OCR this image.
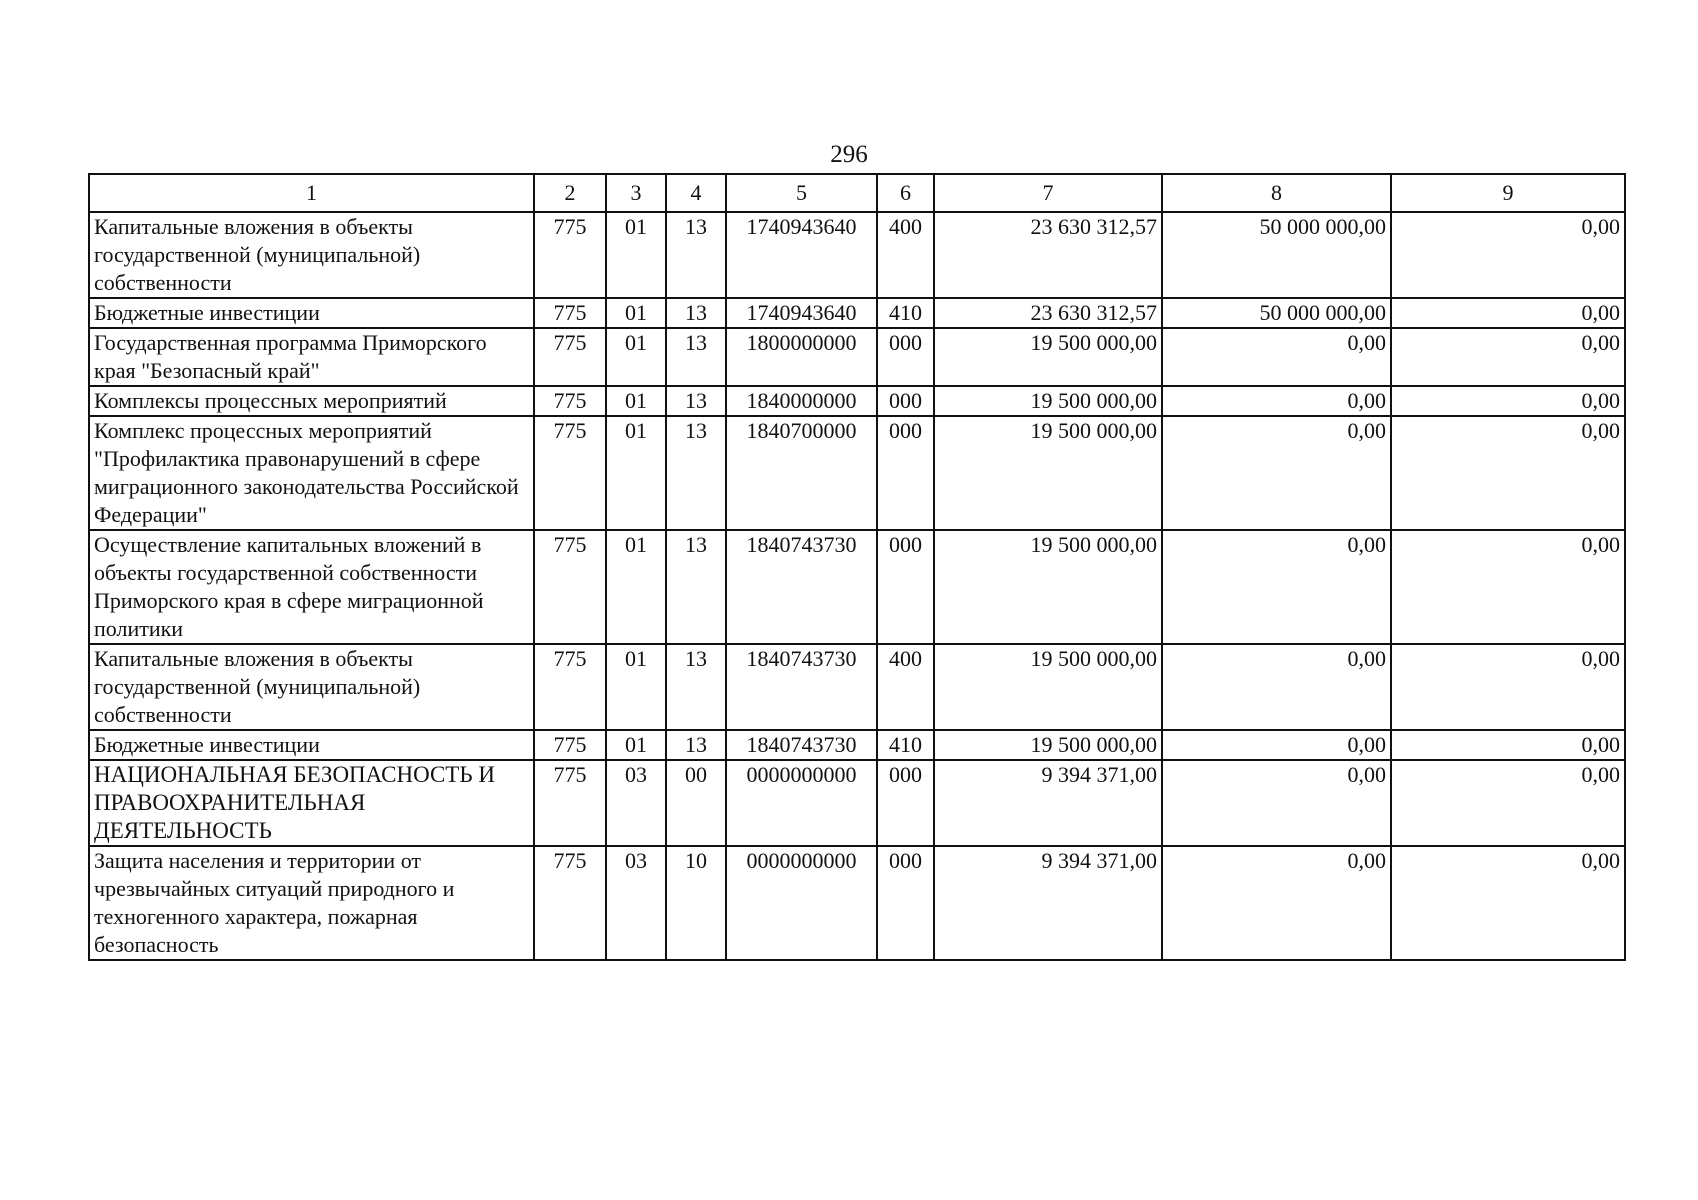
296
1	2	3	4	5	6	7	8	9
Капитальные вложения в объекты государственной (муниципальной) собственности	775	01	13	1740943640	400	23 630 312,57	50 000 000,00	0,00
Бюджетные инвестиции	775	01	13	1740943640	410	23 630 312,57	50 000 000,00	0,00
Государственная программа Приморского края "Безопасный край"	775	01	13	1800000000	000	19 500 000,00	0,00	0,00
Комплексы процессных мероприятий	775	01	13	1840000000	000	19 500 000,00	0,00	0,00
Комплекс процессных мероприятий "Профилактика правонарушений в сфере миграционного законодательства Российской Федерации"	775	01	13	1840700000	000	19 500 000,00	0,00	0,00
Осуществление капитальных вложений в объекты государственной собственности Приморского края в сфере миграционной политики	775	01	13	1840743730	000	19 500 000,00	0,00	0,00
Капитальные вложения в объекты государственной (муниципальной) собственности	775	01	13	1840743730	400	19 500 000,00	0,00	0,00
Бюджетные инвестиции	775	01	13	1840743730	410	19 500 000,00	0,00	0,00
НАЦИОНАЛЬНАЯ БЕЗОПАСНОСТЬ И ПРАВООХРАНИТЕЛЬНАЯ ДЕЯТЕЛЬНОСТЬ	775	03	00	0000000000	000	9 394 371,00	0,00	0,00
Защита населения и территории от чрезвычайных ситуаций природного и техногенного характера, пожарная безопасность	775	03	10	0000000000	000	9 394 371,00	0,00	0,00
